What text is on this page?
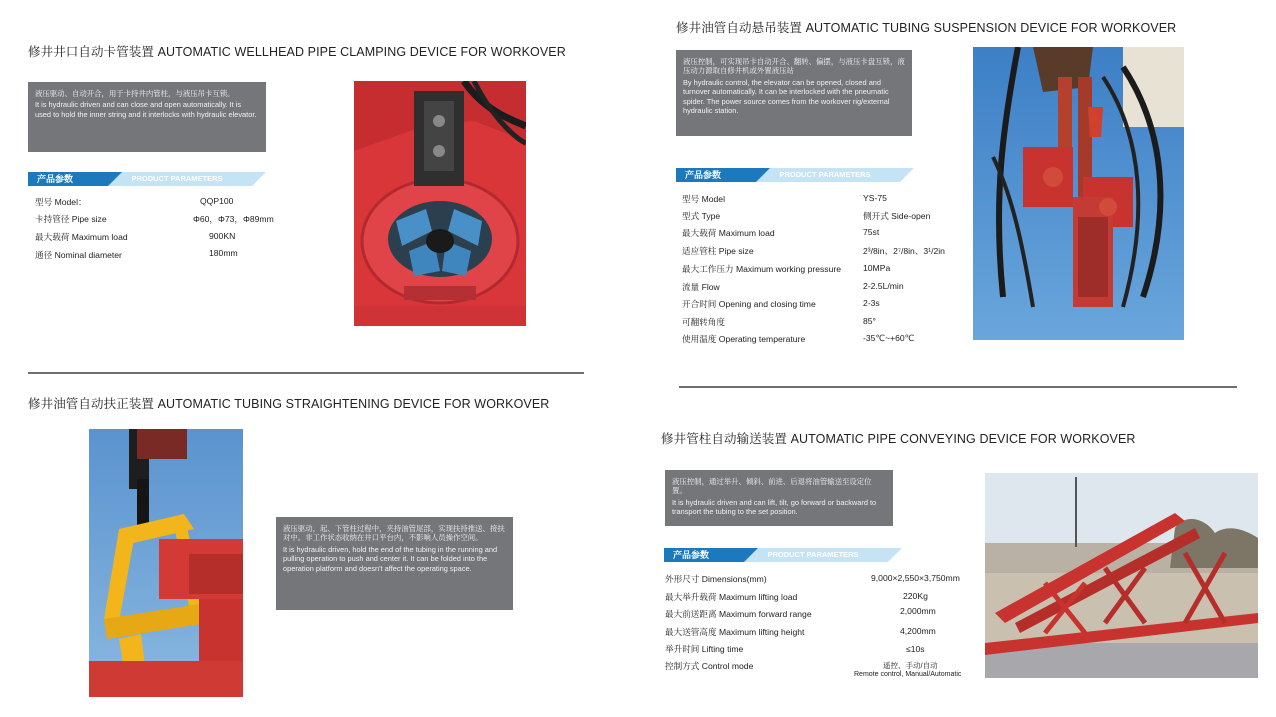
修井井口自动卡管装置 AUTOMATIC WELLHEAD PIPE CLAMPING DEVICE FOR WORKOVER

液压驱动、自动开合，用于卡持井内管柱，与液压吊卡互锁。

It is hydraulic driven and can close and open automatically. It is used to hold the inner string and it interlocks with hydraulic elevator.

PRODUCT PARAMETERS
产品参数
型号 Model：	QQP100
卡持管径 Pipe size	Φ60，Φ73，Φ89mm
最大载荷 Maximum load	900KN
通径 Nominal diameter	180mm
修井油管自动悬吊装置 AUTOMATIC TUBING SUSPENSION DEVICE FOR WORKOVER

液压控制，可实现吊卡自动开合、翻转、偏摆，与液压卡盘互锁，液压动力源取自修井机或外置液压站

By hydraulic control, the elevator can be opened, closed and turnover automatically. It can be interlocked with the pneumatic spider. The power source comes from the workover rig/external hydraulic station.

PRODUCT PARAMETERS
产品参数
型号 Model	YS-75
型式 Type	侧开式 Side-open
最大载荷 Maximum load	75st
适应管柱 Pipe size	2³/8in、2⁷/8in、3¹/2in
最大工作压力 Maximum working pressure	10MPa
流量 Flow	2-2.5L/min
开合时间 Opening and closing time	2-3s
可翻转角度	85°
使用温度 Operating temperature	-35℃~+60℃
修井油管自动扶正装置 AUTOMATIC TUBING STRAIGHTENING DEVICE FOR WORKOVER

液压驱动，起、下管柱过程中，夹持油管尾部，实现扶持推送、接扶对中。非工作状态收纳在井口平台内，不影响人员操作空间。

It is hydraulic driven, hold the end of the tubing in the running and pulling operation to push and center it. It can be folded into the operation platform and doesn't affect the operating space.

修井管柱自动输送装置 AUTOMATIC PIPE CONVEYING DEVICE FOR WORKOVER

液压控制，通过举升、倾斜、前进、后退将油管输送至设定位置。

It is hydraulic driven and can lift, tilt, go forward or backward to transport the tubing to the set position.

PRODUCT PARAMETERS
产品参数
外形尺寸 Dimensions(mm)	9,000×2,550×3,750mm
最大举升载荷 Maximum lifting load	220Kg
最大前送距离 Maximum forward range	2,000mm
最大送管高度 Maximum lifting height	4,200mm
举升时间 Lifting time	≤10s
控制方式 Control mode	遥控、手动/自动
Remote control, Manual/Automatic
